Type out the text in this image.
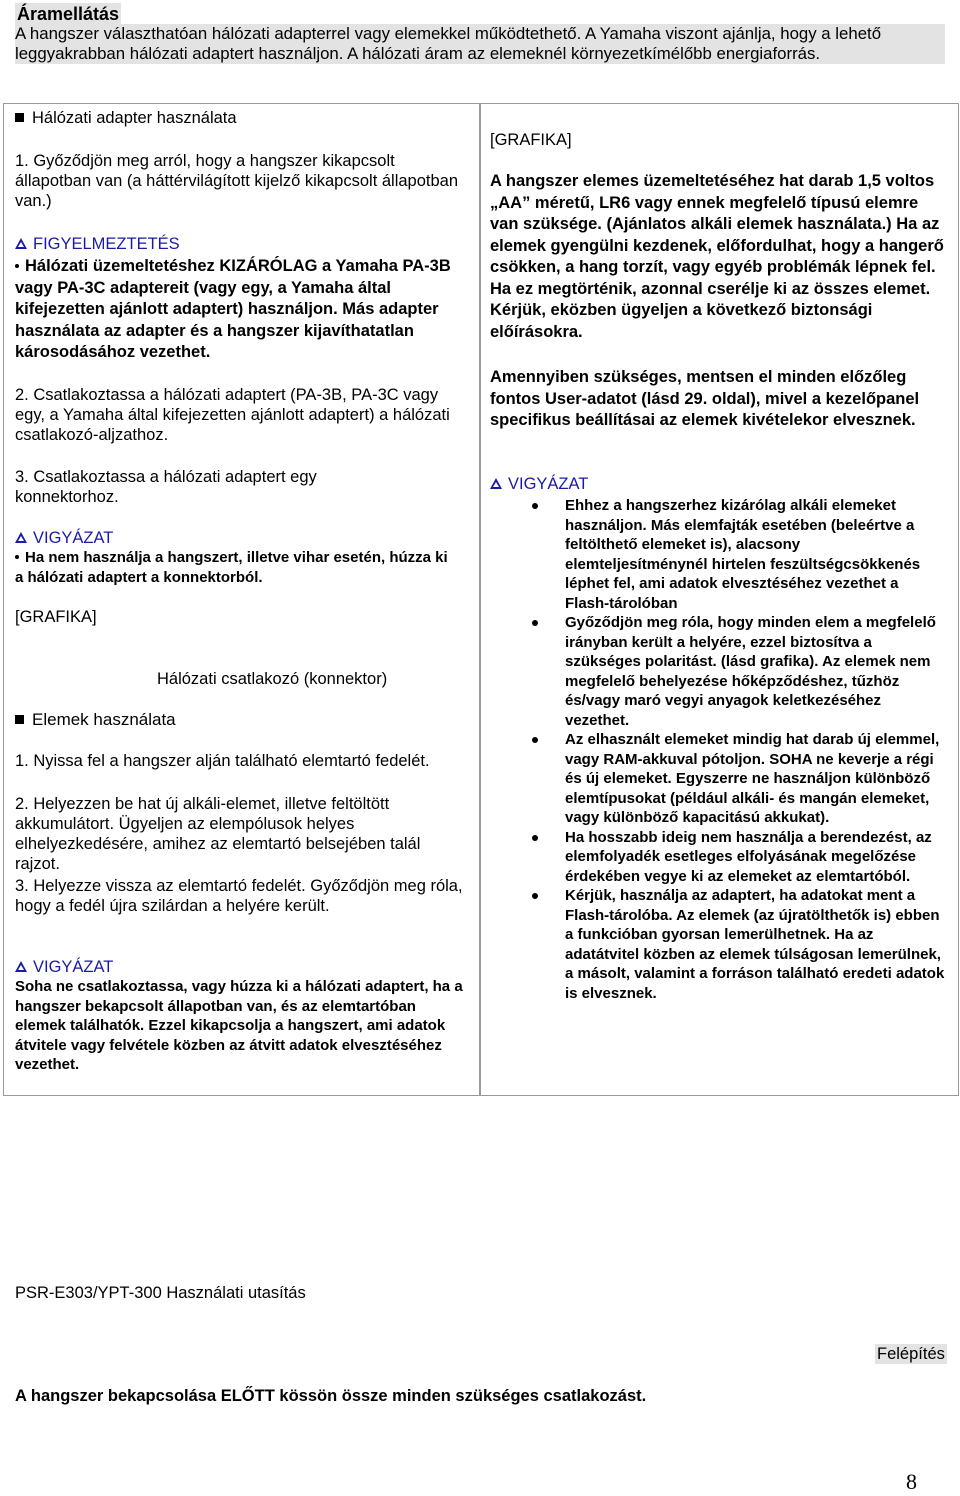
Áramellátás
A hangszer választhatóan hálózati adapterrel vagy elemekkel működtethető. A Yamaha viszont ajánlja, hogy a lehető leggyakrabban hálózati adaptert használjon. A hálózati áram az elemeknél környezetkímélőbb energiaforrás.
Hálózati adapter használata

1. Győződjön meg arról, hogy a hangszer kikapcsolt állapotban van (a háttérvilágított kijelző kikapcsolt állapotban van.)

FIGYELMEZTETÉS

Hálózati üzemeltetéshez KIZÁRÓLAG a Yamaha PA-3B vagy PA-3C adaptereit (vagy egy, a Yamaha által kifejezetten ajánlott adaptert) használjon. Más adapter használata az adapter és a hangszer kijavíthatatlan károsodásához vezethet.

2. Csatlakoztassa a hálózati adaptert (PA-3B, PA-3C vagy egy, a Yamaha által kifejezetten ajánlott adaptert) a hálózati csatlakozó-aljzathoz.

3. Csatlakoztassa a hálózati adaptert egy konnektorhoz.

VIGYÁZAT

Ha nem használja a hangszert, illetve vihar esetén, húzza ki a hálózati adaptert a konnektorból.

[GRAFIKA]

Hálózati csatlakozó (konnektor)

Elemek használata

1. Nyissa fel a hangszer alján található elemtartó fedelét.

2. Helyezzen be hat új alkáli-elemet, illetve feltöltött akkumulátort. Ügyeljen az elempólusok helyes elhelyezkedésére, amihez az elemtartó belsejében talál rajzot.

3. Helyezze vissza az elemtartó fedelét. Győződjön meg róla, hogy a fedél újra szilárdan a helyére került.

VIGYÁZAT

Soha ne csatlakoztassa, vagy húzza ki a hálózati adaptert, ha a hangszer bekapcsolt állapotban van, és az elemtartóban elemek találhatók. Ezzel kikapcsolja a hangszert, ami adatok átvitele vagy felvétele közben az átvitt adatok elvesztéséhez vezethet.

[GRAFIKA]

A hangszer elemes üzemeltetéséhez hat darab 1,5 voltos „AA” méretű, LR6 vagy ennek megfelelő típusú elemre van szüksége. (Ajánlatos alkáli elemek használata.) Ha az elemek gyengülni kezdenek, előfordulhat, hogy a hangerő csökken, a hang torzít, vagy egyéb problémák lépnek fel. Ha ez megtörténik, azonnal cserélje ki az összes elemet. Kérjük, eközben ügyeljen a következő biztonsági előírásokra.

Amennyiben szükséges, mentsen el minden előzőleg fontos User-adatot (lásd 29. oldal), mivel a kezelőpanel specifikus beállításai az elemek kivételekor elvesznek.

VIGYÁZAT
Ehhez a hangszerhez kizárólag alkáli elemeket használjon. Más elemfajták esetében (beleértve a feltölthető elemeket is), alacsony elemteljesítménynél hirtelen feszültségcsökkenés léphet fel, ami adatok elvesztéséhez vezethet a Flash-tárolóban
Győződjön meg róla, hogy minden elem a megfelelő irányban került a helyére, ezzel biztosítva a szükséges polaritást. (lásd grafika). Az elemek nem megfelelő behelyezése hőképződéshez, tűzhöz és/vagy maró vegyi anyagok keletkezéséhez vezethet.
Az elhasznált elemeket mindig hat darab új elemmel, vagy RAM-akkuval pótoljon. SOHA ne keverje a régi és új elemeket. Egyszerre ne használjon különböző elemtípusokat (például alkáli- és mangán elemeket, vagy különböző kapacitású akkukat).
Ha hosszabb ideig nem használja a berendezést, az elemfolyadék esetleges elfolyásának megelőzése érdekében vegye ki az elemeket az elemtartóból.
Kérjük, használja az adaptert, ha adatokat ment a Flash-tárolóba. Az elemek (az újratölthetők is) ebben a funkcióban gyorsan lemerülhetnek. Ha az adatátvitel közben az elemek túlságosan lemerülnek, a másolt, valamint a forráson található eredeti adatok is elvesznek.

PSR-E303/YPT-300 Használati utasítás

Felépítés

A hangszer bekapcsolása ELŐTT kössön össze minden szükséges csatlakozást.

8
